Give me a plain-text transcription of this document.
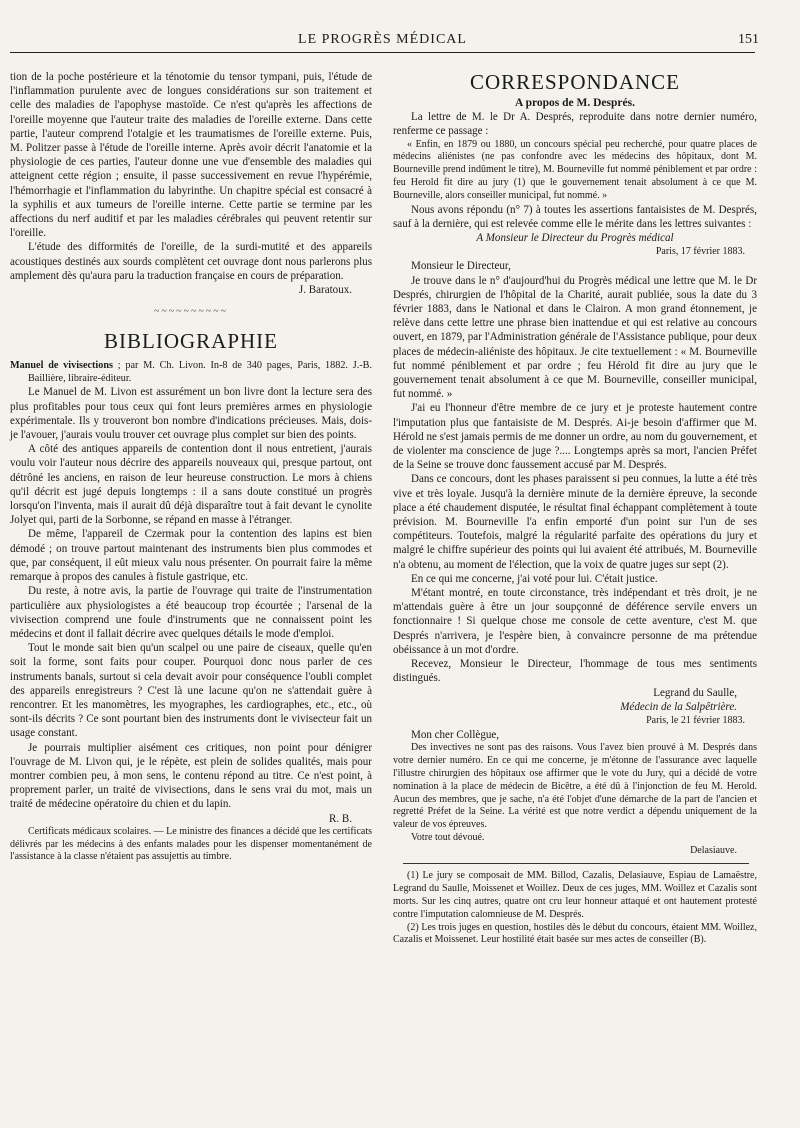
LE PROGRÈS MÉDICAL	151

tion de la poche postérieure et la ténotomie du tensor tympani, puis, l'étude de l'inflammation purulente avec de longues considérations sur son traitement et celle des maladies de l'apophyse mastoïde. Ce n'est qu'après les affections de l'oreille moyenne que l'auteur traite des maladies de l'oreille externe. Dans cette partie, l'auteur comprend l'otalgie et les traumatismes de l'oreille externe. Puis, M. Politzer passe à l'étude de l'oreille interne. Après avoir décrit l'anatomie et la physiologie de ces parties, l'auteur donne une vue d'ensemble des maladies qui atteignent cette région ; ensuite, il passe successivement en revue l'hypérémie, l'hémorrhagie et l'inflammation du labyrinthe. Un chapitre spécial est consacré à la syphilis et aux tumeurs de l'oreille interne. Cette partie se termine par les affections du nerf auditif et par les maladies cérébrales qui peuvent retentir sur l'oreille.

L'étude des difformités de l'oreille, de la surdi-mutité et des appareils acoustiques destinés aux sourds complètent cet ouvrage dont nous parlerons plus amplement dès qu'aura paru la traduction française en cours de préparation.

J. Baratoux.

~~~~~~~~~~
BIBLIOGRAPHIE

Manuel de vivisections ; par M. Ch. Livon. In-8 de 340 pages, Paris, 1882. J.-B. Baillière, libraire-éditeur.

Le Manuel de M. Livon est assurément un bon livre dont la lecture sera des plus profitables pour tous ceux qui font leurs premières armes en physiologie expérimentale. Ils y trouveront bon nombre d'indications précieuses. Mais, dois-je l'avouer, j'aurais voulu trouver cet ouvrage plus complet sur bien des points.

A côté des antiques appareils de contention dont il nous entretient, j'aurais voulu voir l'auteur nous décrire des appareils nouveaux qui, presque partout, ont détrôné les anciens, en raison de leur heureuse construction. Le mors à chiens qu'il décrit est jugé depuis longtemps : il a sans doute constitué un progrès lorsqu'on l'inventa, mais il aurait dû déjà disparaître tout à fait devant le cynolite Jolyet qui, parti de la Sorbonne, se répand en masse à l'étranger.

De même, l'appareil de Czermak pour la contention des lapins est bien démodé ; on trouve partout maintenant des instruments bien plus commodes et que, par conséquent, il eût mieux valu nous présenter. On pourrait faire la même remarque à propos des canules à fistule gastrique, etc.

Du reste, à notre avis, la partie de l'ouvrage qui traite de l'instrumentation particulière aux physiologistes a été beaucoup trop écourtée ; l'arsenal de la vivisection comprend une foule d'instruments que ne connaissent point les médecins et dont il fallait décrire avec quelques détails le mode d'emploi.

Tout le monde sait bien qu'un scalpel ou une paire de ciseaux, quelle qu'en soit la forme, sont faits pour couper. Pourquoi donc nous parler de ces instruments banals, surtout si cela devait avoir pour conséquence l'oubli complet des appareils enregistreurs ? C'est là une lacune qu'on ne s'attendait guère à rencontrer. Et les manomètres, les myographes, les cardiographes, etc., etc., où sont-ils décrits ? Ce sont pourtant bien des instruments dont le vivisecteur fait un usage constant.

Je pourrais multiplier aisément ces critiques, non point pour dénigrer l'ouvrage de M. Livon qui, je le répète, est plein de solides qualités, mais pour montrer combien peu, à mon sens, le contenu répond au titre. Ce n'est point, à proprement parler, un traité de vivisections, dans le sens vrai du mot, mais un traité de médecine opératoire du chien et du lapin.

R. B.

Certificats médicaux scolaires. — Le ministre des finances a décidé que les certificats délivrés par les médecins à des enfants malades pour les dispenser momentanément de l'assistance à la classe n'étaient pas assujettis au timbre.

CORRESPONDANCE

A propos de M. Després.

La lettre de M. le Dr A. Després, reproduite dans notre dernier numéro, renferme ce passage :

« Enfin, en 1879 ou 1880, un concours spécial peu recherché, pour quatre places de médecins aliénistes (ne pas confondre avec les médecins des hôpitaux, dont M. Bourneville prend indûment le titre), M. Bourneville fut nommé péniblement et par ordre : feu Herold fit dire au jury (1) que le gouvernement tenait absolument à ce que M. Bourneville, alors conseiller municipal, fut nommé. »

Nous avons répondu (n° 7) à toutes les assertions fantaisistes de M. Després, sauf à la dernière, qui est relevée comme elle le mérite dans les lettres suivantes :

A Monsieur le Directeur du Progrès médical

Paris, 17 février 1883.

Monsieur le Directeur,

Je trouve dans le n° d'aujourd'hui du Progrès médical une lettre que M. le Dr Després, chirurgien de l'hôpital de la Charité, aurait publiée, sous la date du 3 février 1883, dans le National et dans le Clairon. A mon grand étonnement, je relève dans cette lettre une phrase bien inattendue et qui est relative au concours ouvert, en 1879, par l'Administration générale de l'Assistance publique, pour deux places de médecin-aliéniste des hôpitaux. Je cite textuellement : « M. Bourneville fut nommé péniblement et par ordre ; feu Hérold fit dire au jury que le gouvernement tenait absolument à ce que M. Bourneville, conseiller municipal, fut nommé. »

J'ai eu l'honneur d'être membre de ce jury et je proteste hautement contre l'imputation plus que fantaisiste de M. Després. Ai-je besoin d'affirmer que M. Hérold ne s'est jamais permis de me donner un ordre, au nom du gouvernement, et de violenter ma conscience de juge ?.... Longtemps après sa mort, l'ancien Préfet de la Seine se trouve donc faussement accusé par M. Després.

Dans ce concours, dont les phases paraissent si peu connues, la lutte a été très vive et très loyale. Jusqu'à la dernière minute de la dernière épreuve, la seconde place a été chaudement disputée, le résultat final échappant complètement à toute prévision. M. Bourneville l'a enfin emporté d'un point sur l'un de ses compétiteurs. Toutefois, malgré la régularité parfaite des opérations du jury et malgré le chiffre supérieur des points qui lui avaient été attribués, M. Bourneville n'a obtenu, au moment de l'élection, que la voix de quatre juges sur sept (2).

En ce qui me concerne, j'ai voté pour lui. C'était justice.

M'étant montré, en toute circonstance, très indépendant et très droit, je ne m'attendais guère à être un jour soupçonné de déférence servile envers un fonctionnaire ! Si quelque chose me console de cette aventure, c'est M. que Després n'arrivera, je l'espère bien, à convaincre personne de ma prétendue obéissance à un mot d'ordre.

Recevez, Monsieur le Directeur, l'hommage de tous mes sentiments distingués.

Legrand du Saulle,

Médecin de la Salpêtrière.

Paris, le 21 février 1883.

Mon cher Collègue,

Des invectives ne sont pas des raisons. Vous l'avez bien prouvé à M. Després dans votre dernier numéro. En ce qui me concerne, je m'étonne de l'assurance avec laquelle l'illustre chirurgien des hôpitaux ose affirmer que le vote du Jury, qui a décidé de votre nomination à la place de médecin de Bicêtre, a été dû à l'injonction de feu M. Herold. Aucun des membres, que je sache, n'a été l'objet d'une démarche de la part de l'ancien et regretté Préfet de la Seine. La vérité est que notre verdict a dépendu uniquement de la valeur de vos épreuves.

Votre tout dévoué.

Delasiauve.

(1) Le jury se composait de MM. Billod, Cazalis, Delasiauve, Espiau de Lamaëstre, Legrand du Saulle, Moissenet et Woillez. Deux de ces juges, MM. Woillez et Cazalis sont morts. Sur les cinq autres, quatre ont cru leur honneur attaqué et ont hautement protesté contre l'imputation calomnieuse de M. Després.

(2) Les trois juges en question, hostiles dès le début du concours, étaient MM. Woillez, Cazalis et Moissenet. Leur hostilité était basée sur mes actes de conseiller (B).
